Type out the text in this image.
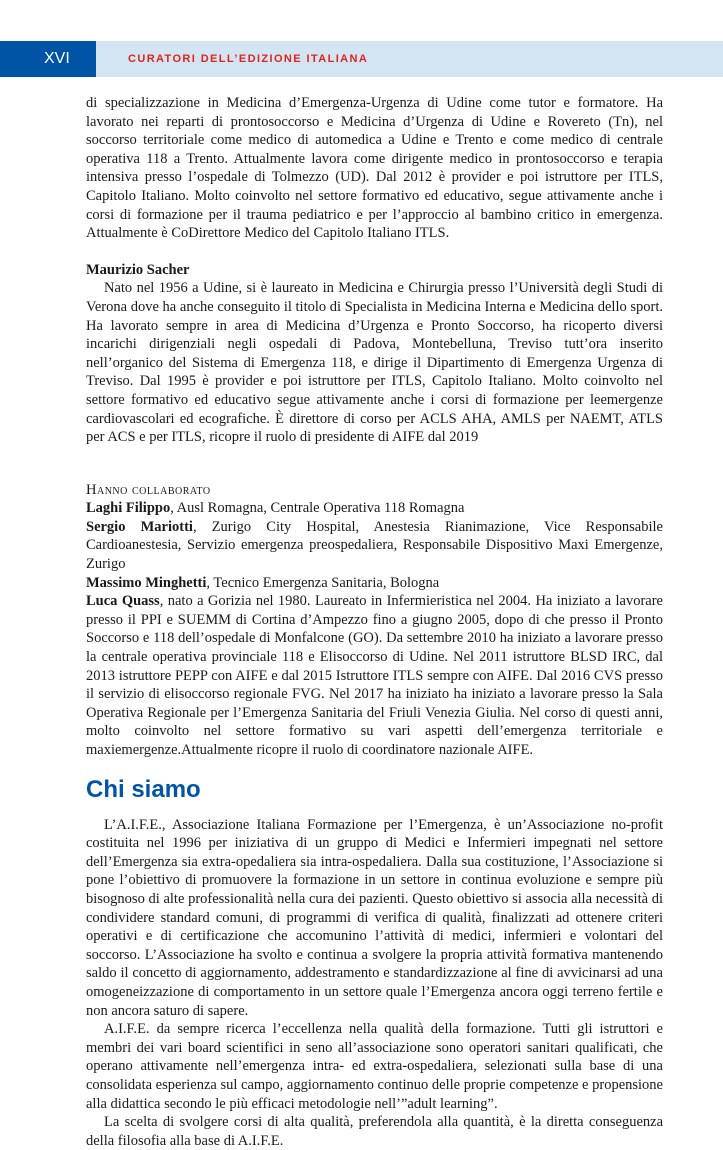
XVI	CURATORI DELL’EDIZIONE ITALIANA

di specializzazione in Medicina d’Emergenza-Urgenza di Udine come tutor e formatore. Ha lavorato nei reparti di prontosoccorso e Medicina d’Urgenza di Udine e Rovereto (Tn), nel soccorso territoriale come medico di automedica a Udine e Trento e come medico di centrale operativa 118 a Trento. Attualmente lavora come dirigente medico in prontosoccorso e terapia intensiva presso l’ospedale di Tolmezzo (UD). Dal 2012 è provider e poi istruttore per ITLS, Capitolo Italiano. Molto coinvolto nel settore formativo ed educativo, segue attivamente anche i corsi di formazione per il trauma pediatrico e per l’approccio al bambino critico in emergenza. Attualmente è CoDirettore Medico del Capitolo Italiano ITLS.

Maurizio Sacher

Nato nel 1956 a Udine, si è laureato in Medicina e Chirurgia presso l’Università degli Studi di Verona dove ha anche conseguito il titolo di Specialista in Medicina Interna e Medicina dello sport. Ha lavorato sempre in area di Medicina d’Urgenza e Pronto Soccorso, ha ricoperto diversi incarichi dirigenziali negli ospedali di Padova, Montebelluna, Treviso tutt’ora inserito nell’organico del Sistema di Emergenza 118, e dirige il Dipartimento di Emergenza Urgenza di Treviso. Dal 1995 è provider e poi istruttore per ITLS, Capitolo Italiano. Molto coinvolto nel settore formativo ed educativo segue attivamente anche i corsi di formazione per leemergenze cardiovascolari ed ecografiche. È direttore di corso per ACLS AHA, AMLS per NAEMT, ATLS per ACS e per ITLS, ricopre il ruolo di presidente di AIFE dal 2019

Hanno collaborato

Laghi Filippo, Ausl Romagna, Centrale Operativa 118 Romagna

Sergio Mariotti, Zurigo City Hospital, Anestesia Rianimazione, Vice Responsabile Cardioanestesia, Servizio emergenza preospedaliera, Responsabile Dispositivo Maxi Emergenze, Zurigo

Massimo Minghetti, Tecnico Emergenza Sanitaria, Bologna

Luca Quass, nato a Gorizia nel 1980. Laureato in Infermieristica nel 2004. Ha iniziato a lavorare presso il PPI e SUEMM di Cortina d’Ampezzo fino a giugno 2005, dopo di che presso il Pronto Soccorso e 118 dell’ospedale di Monfalcone (GO). Da settembre 2010 ha iniziato a lavorare presso la centrale operativa provinciale 118 e Elisoccorso di Udine. Nel 2011 istruttore BLSD IRC, dal 2013 istruttore PEPP con AIFE e dal 2015 Istruttore ITLS sempre con AIFE. Dal 2016 CVS presso il servizio di elisoccorso regionale FVG. Nel 2017 ha iniziato ha iniziato a lavorare presso la Sala Operativa Regionale per l’Emergenza Sanitaria del Friuli Venezia Giulia. Nel corso di questi anni, molto coinvolto nel settore formativo su vari aspetti dell’emergenza territoriale e maxiemergenze.Attualmente ricopre il ruolo di coordinatore nazionale AIFE.

Chi siamo

L’A.I.F.E., Associazione Italiana Formazione per l’Emergenza, è un’Associazione no-profit costituita nel 1996 per iniziativa di un gruppo di Medici e Infermieri impegnati nel settore dell’Emergenza sia extra-opedaliera sia intra-ospedaliera. Dalla sua costituzione, l’Associazione si pone l’obiettivo di promuovere la formazione in un settore in continua evoluzione e sempre più bisognoso di alte professionalità nella cura dei pazienti. Questo obiettivo si associa alla necessità di condividere standard comuni, di programmi di verifica di qualità, finalizzati ad ottenere criteri operativi e di certificazione che accomunino l’attività di medici, infermieri e volontari del soccorso. L’Associazione ha svolto e continua a svolgere la propria attività formativa mantenendo saldo il concetto di aggiornamento, addestramento e standardizzazione al fine di avvicinarsi ad una omogeneizzazione di comportamento in un settore quale l’Emergenza ancora oggi terreno fertile e non ancora saturo di sapere.

A.I.F.E. da sempre ricerca l’eccellenza nella qualità della formazione. Tutti gli istruttori e membri dei vari board scientifici in seno all’associazione sono operatori sanitari qualificati, che operano attivamente nell’emergenza intra- ed extra-ospedaliera, selezionati sulla base di una consolidata esperienza sul campo, aggiornamento continuo delle proprie competenze e propensione alla didattica secondo le più efficaci metodologie nell’”adult learning”.

La scelta di svolgere corsi di alta qualità, preferendola alla quantità, è la diretta conseguenza della filosofia alla base di A.I.F.E.
